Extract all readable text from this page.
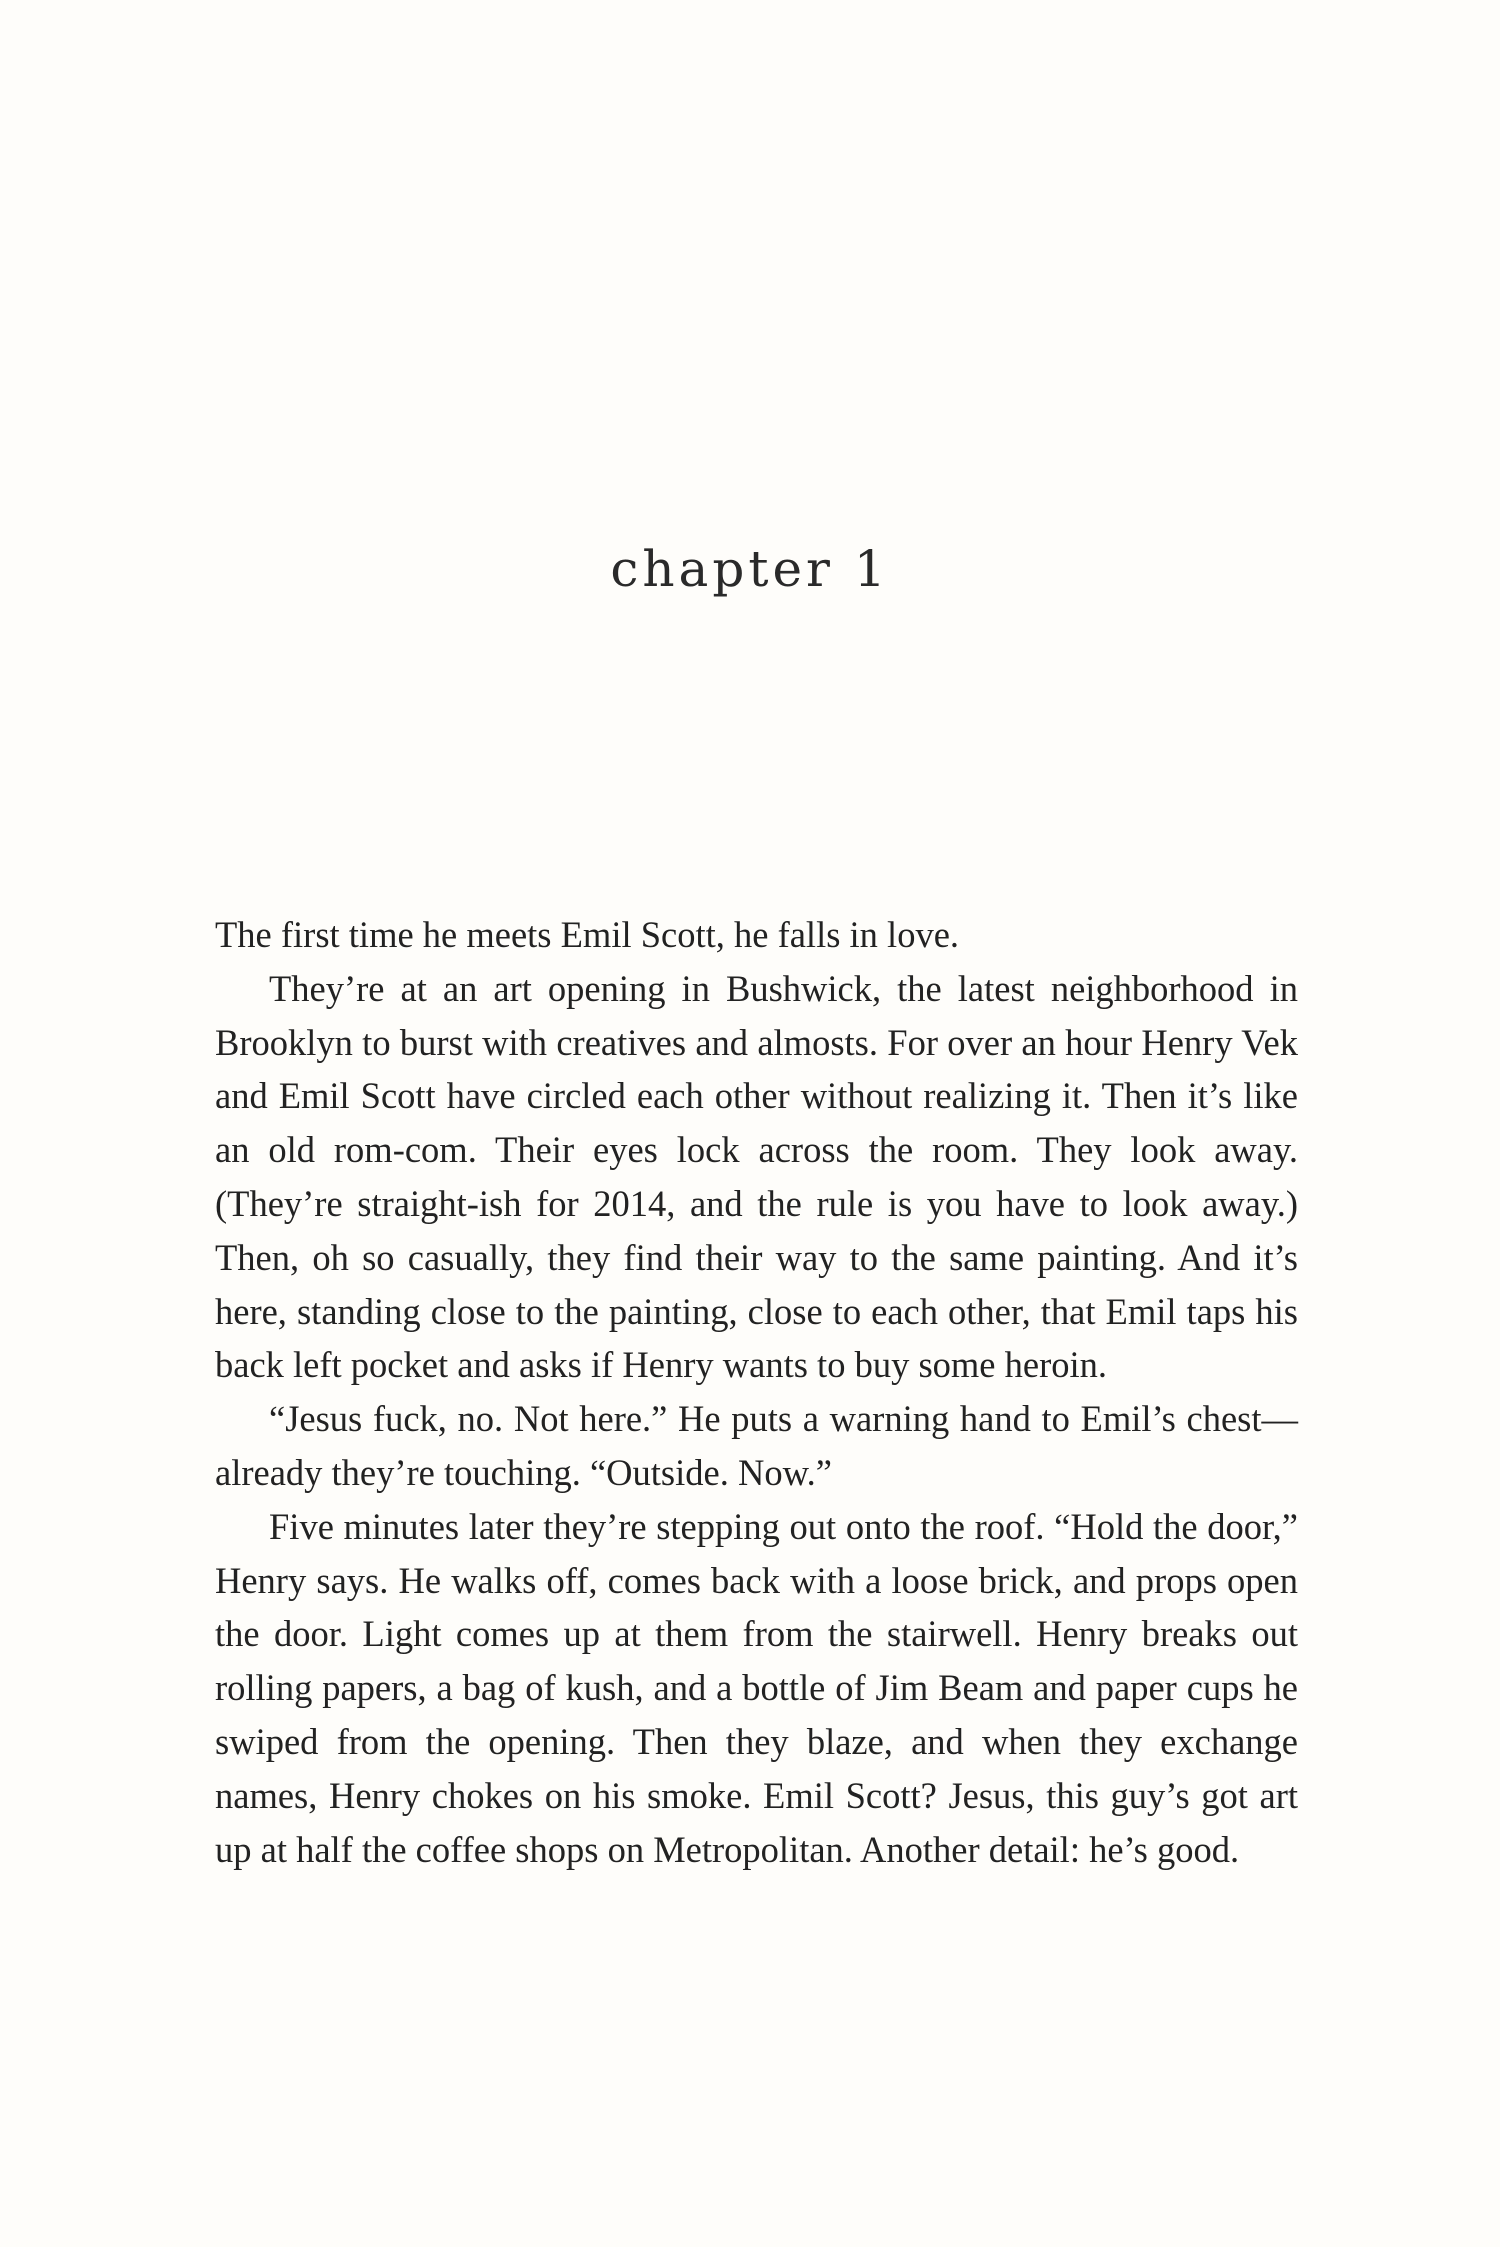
chapter 1

The first time he meets Emil Scott, he falls in love.

They’re at an art opening in Bushwick, the latest neighborhood in Brooklyn to burst with creatives and almosts. For over an hour Henry Vek and Emil Scott have circled each other without realizing it. Then it’s like an old rom-com. Their eyes lock across the room. They look away. (They’re straight-ish for 2014, and the rule is you have to look away.) Then, oh so casually, they find their way to the same painting. And it’s here, standing close to the painting, close to each other, that Emil taps his back left pocket and asks if Henry wants to buy some heroin.

“Jesus fuck, no. Not here.” He puts a warning hand to Emil’s chest—already they’re touching. “Outside. Now.”

Five minutes later they’re stepping out onto the roof. “Hold the door,” Henry says. He walks off, comes back with a loose brick, and props open the door. Light comes up at them from the stairwell. Henry breaks out rolling papers, a bag of kush, and a bottle of Jim Beam and paper cups he swiped from the opening. Then they blaze, and when they exchange names, Henry chokes on his smoke. Emil Scott? Jesus, this guy’s got art up at half the coffee shops on Metropolitan. Another detail: he’s good.
